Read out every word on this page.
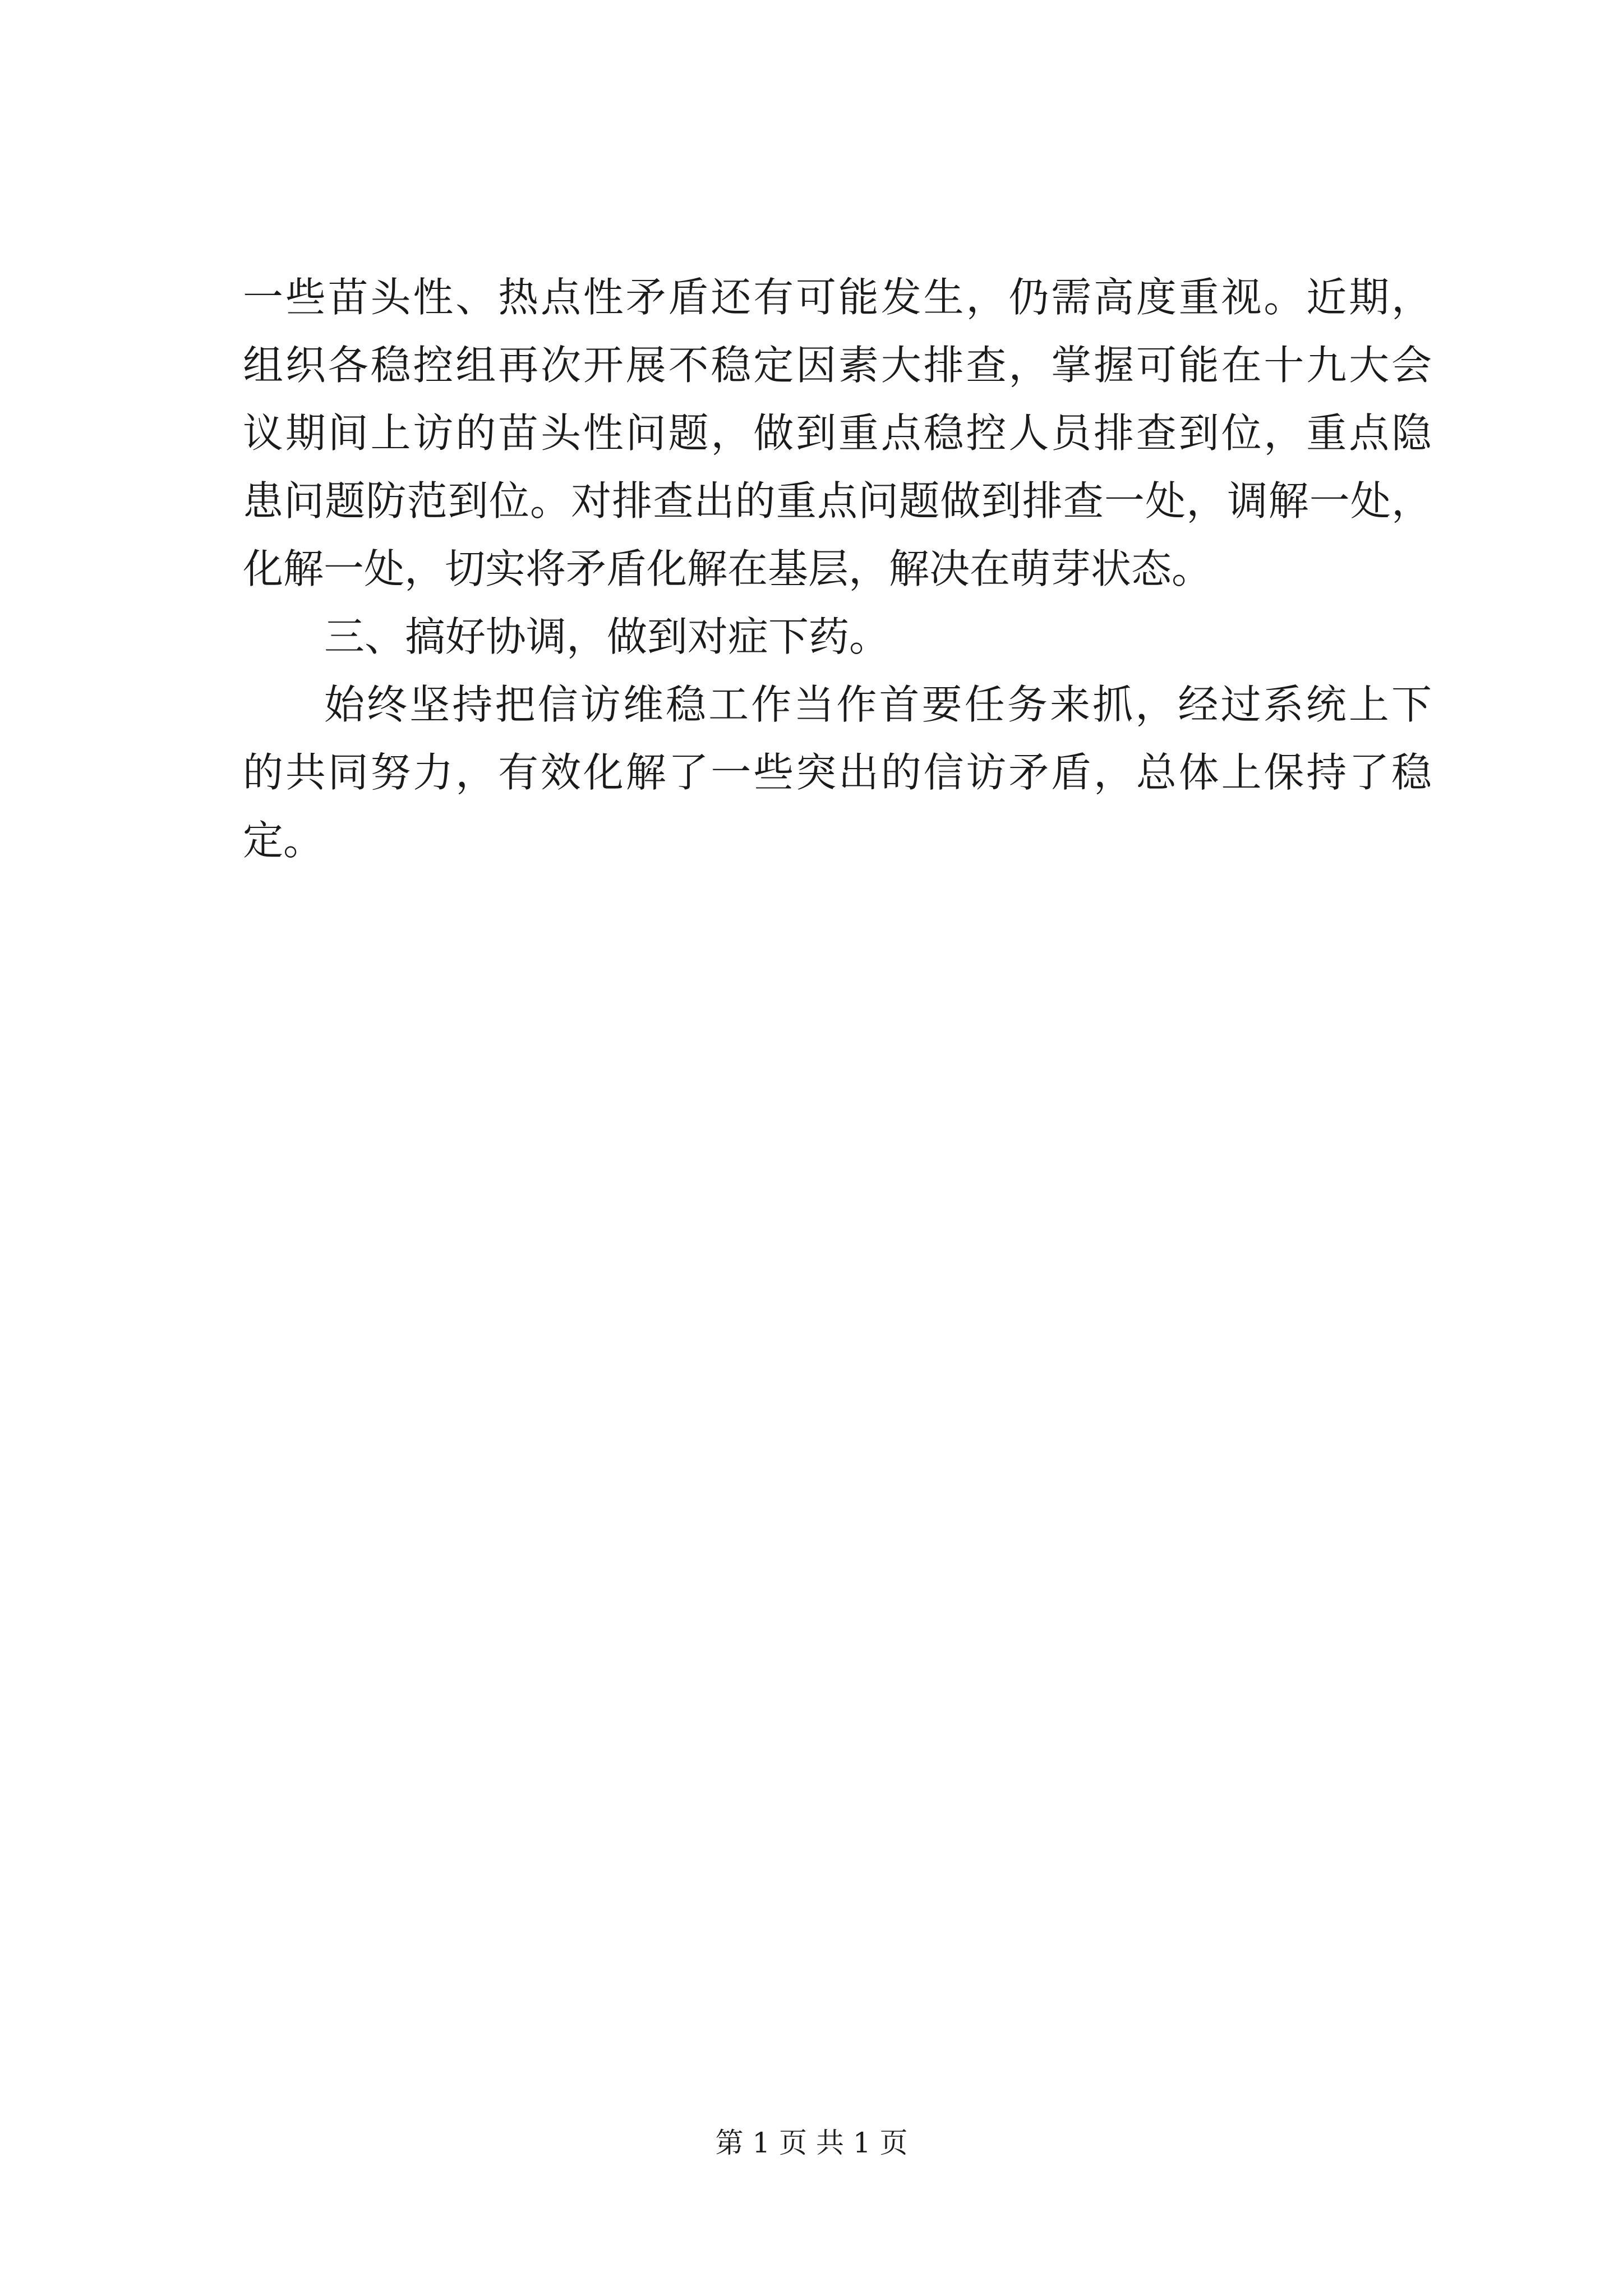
一些苗头性、热点性矛盾还有可能发生，仍需高度重视。近期，
组织各稳控组再次开展不稳定因素大排查，掌握可能在十九大会
议期间上访的苗头性问题，做到重点稳控人员排查到位，重点隐
患问题防范到位。对排查出的重点问题做到排查一处，调解一处，
化解一处，切实将矛盾化解在基层，解决在萌芽状态。
三、搞好协调，做到对症下药。
始终坚持把信访维稳工作当作首要任务来抓，经过系统上下
的共同努力，有效化解了一些突出的信访矛盾，总体上保持了稳
定。
第 1 页 共 1 页
